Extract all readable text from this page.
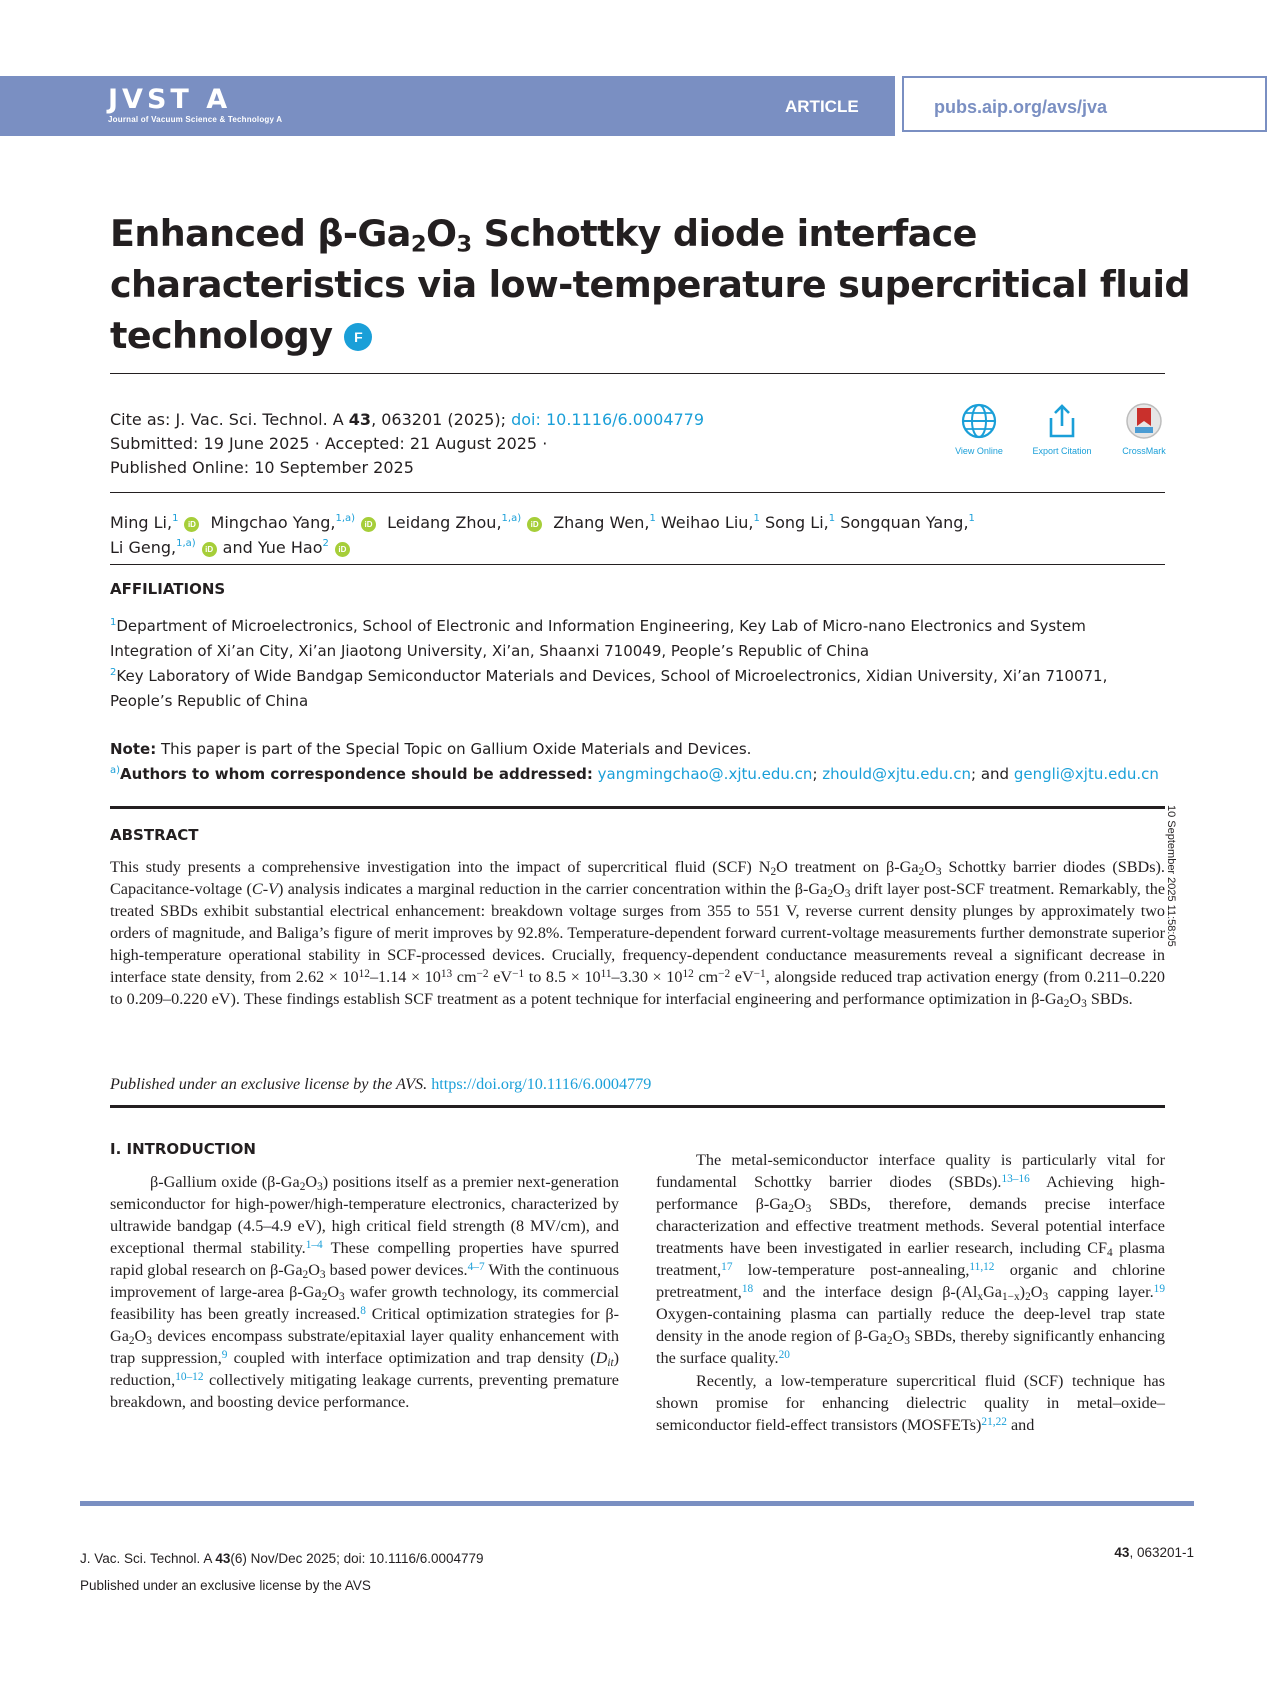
JVST A
Journal of Vacuum Science & Technology A
ARTICLE	pubs.aip.org/avs/jva
Enhanced $\beta-Ga_2O_3$ Schottky diode interface characteristics via low-temperature supercritical fluid technology F
Cite as: J. Vac. Sci. Technol. A 43, 063201 (2025); doi: 10.1116/6.0004779
Submitted: 19 June 2025 · Accepted: 21 August 2025 ·
Published Online: 10 September 2025
View Online	Export Citation	CrossMark
Ming Li,$^1$iD Mingchao Yang,$^{1,a)}$iD Leidang Zhou,$^{1,a)}$iD Zhang Wen,$^1$ Weihao Liu,$^1$ Song Li,$^1$ Songquan Yang,$^1$
Li Geng,$^{1,a)}$iD and Yue Hao$^2$iD
AFFILIATIONS
$^1$Department of Microelectronics, School of Electronic and Information Engineering, Key Lab of Micro-nano Electronics and System Integration of Xi’an City, Xi’an Jiaotong University, Xi’an, Shaanxi 710049, People’s Republic of China
$^2$Key Laboratory of Wide Bandgap Semiconductor Materials and Devices, School of Microelectronics, Xidian University, Xi’an 710071, People’s Republic of China
Note: This paper is part of the Special Topic on Gallium Oxide Materials and Devices.
$^{a)}$Authors to whom correspondence should be addressed: yangmingchao@.xjtu.edu.cn; zhould@xjtu.edu.cn; and gengli@xjtu.edu.cn
10 September 2025 11:58:05
ABSTRACT
This study presents a comprehensive investigation into the impact of supercritical fluid (SCF) $N_2O$ treatment on $\beta-Ga_2O_3$ Schottky barrier diodes (SBDs). Capacitance-voltage (C-V) analysis indicates a marginal reduction in the carrier concentration within the $\beta-Ga_2O_3$ drift layer post-SCF treatment. Remarkably, the treated SBDs exhibit substantial electrical enhancement: breakdown voltage surges from 355 to 551 V, reverse current density plunges by approximately two orders of magnitude, and Baliga’s figure of merit improves by 92.8%. Temperature-dependent forward current-voltage measurements further demonstrate superior high-temperature operational stability in SCF-processed devices. Crucially, frequency-dependent conductance measurements reveal a significant decrease in interface state density, from $2.62 \times 10^{12}-1.14 \times 10^{13}$ $cm^{-2}$ $eV^{-1}$ to $8.5 \times 10^{11}-3.30 \times 10^{12}$ $cm^{-2}$ $eV^{-1}$, alongside reduced trap activation energy (from 0.211–0.220 to 0.209–0.220 eV). These findings establish SCF treatment as a potent technique for interfacial engineering and performance optimization in $\beta-Ga_2O_3$ SBDs.
Published under an exclusive license by the AVS. https://doi.org/10.1116/6.0004779
I. INTRODUCTION

β-Gallium oxide $(\beta-Ga_2O_3)$ positions itself as a premier next-generation semiconductor for high-power/high-temperature electronics, characterized by ultrawide bandgap (4.5–4.9 eV), high critical field strength (8 MV/cm), and exceptional thermal stability.$^{1-4}$ These compelling properties have spurred rapid global research on $\beta-Ga_2O_3$ based power devices.$^{4-7}$ With the continuous improvement of large-area $\beta-Ga_2O_3$ wafer growth technology, its commercial feasibility has been greatly increased.$^8$ Critical optimization strategies for $\beta-Ga_2O_3$ devices encompass substrate/epitaxial layer quality enhancement with trap suppression,$^9$ coupled with interface optimization and trap density $(D_{it})$ reduction,$^{10-12}$ collectively mitigating leakage currents, preventing premature breakdown, and boosting device performance.

The metal-semiconductor interface quality is particularly vital for fundamental Schottky barrier diodes (SBDs).$^{13-16}$ Achieving high-performance $\beta-Ga_2O_3$ SBDs, therefore, demands precise interface characterization and effective treatment methods. Several potential interface treatments have been investigated in earlier research, including $CF_4$ plasma treatment,$^{17}$ low-temperature post-annealing,$^{11,12}$ organic and chlorine pretreatment,$^{18}$ and the interface design $\beta-(Al_xGa_{1-x})_2O_3$ capping layer.$^{19}$ Oxygen-containing plasma can partially reduce the deep-level trap state density in the anode region of $\beta-Ga_2O_3$ SBDs, thereby significantly enhancing the surface quality.$^{20}$

Recently, a low-temperature supercritical fluid (SCF) technique has shown promise for enhancing dielectric quality in metal–oxide–semiconductor field-effect transistors (MOSFETs)$^{21,22}$ and

J. Vac. Sci. Technol. A 43(6) Nov/Dec 2025; doi: 10.1116/6.0004779
Published under an exclusive license by the AVS
43, 063201-1
